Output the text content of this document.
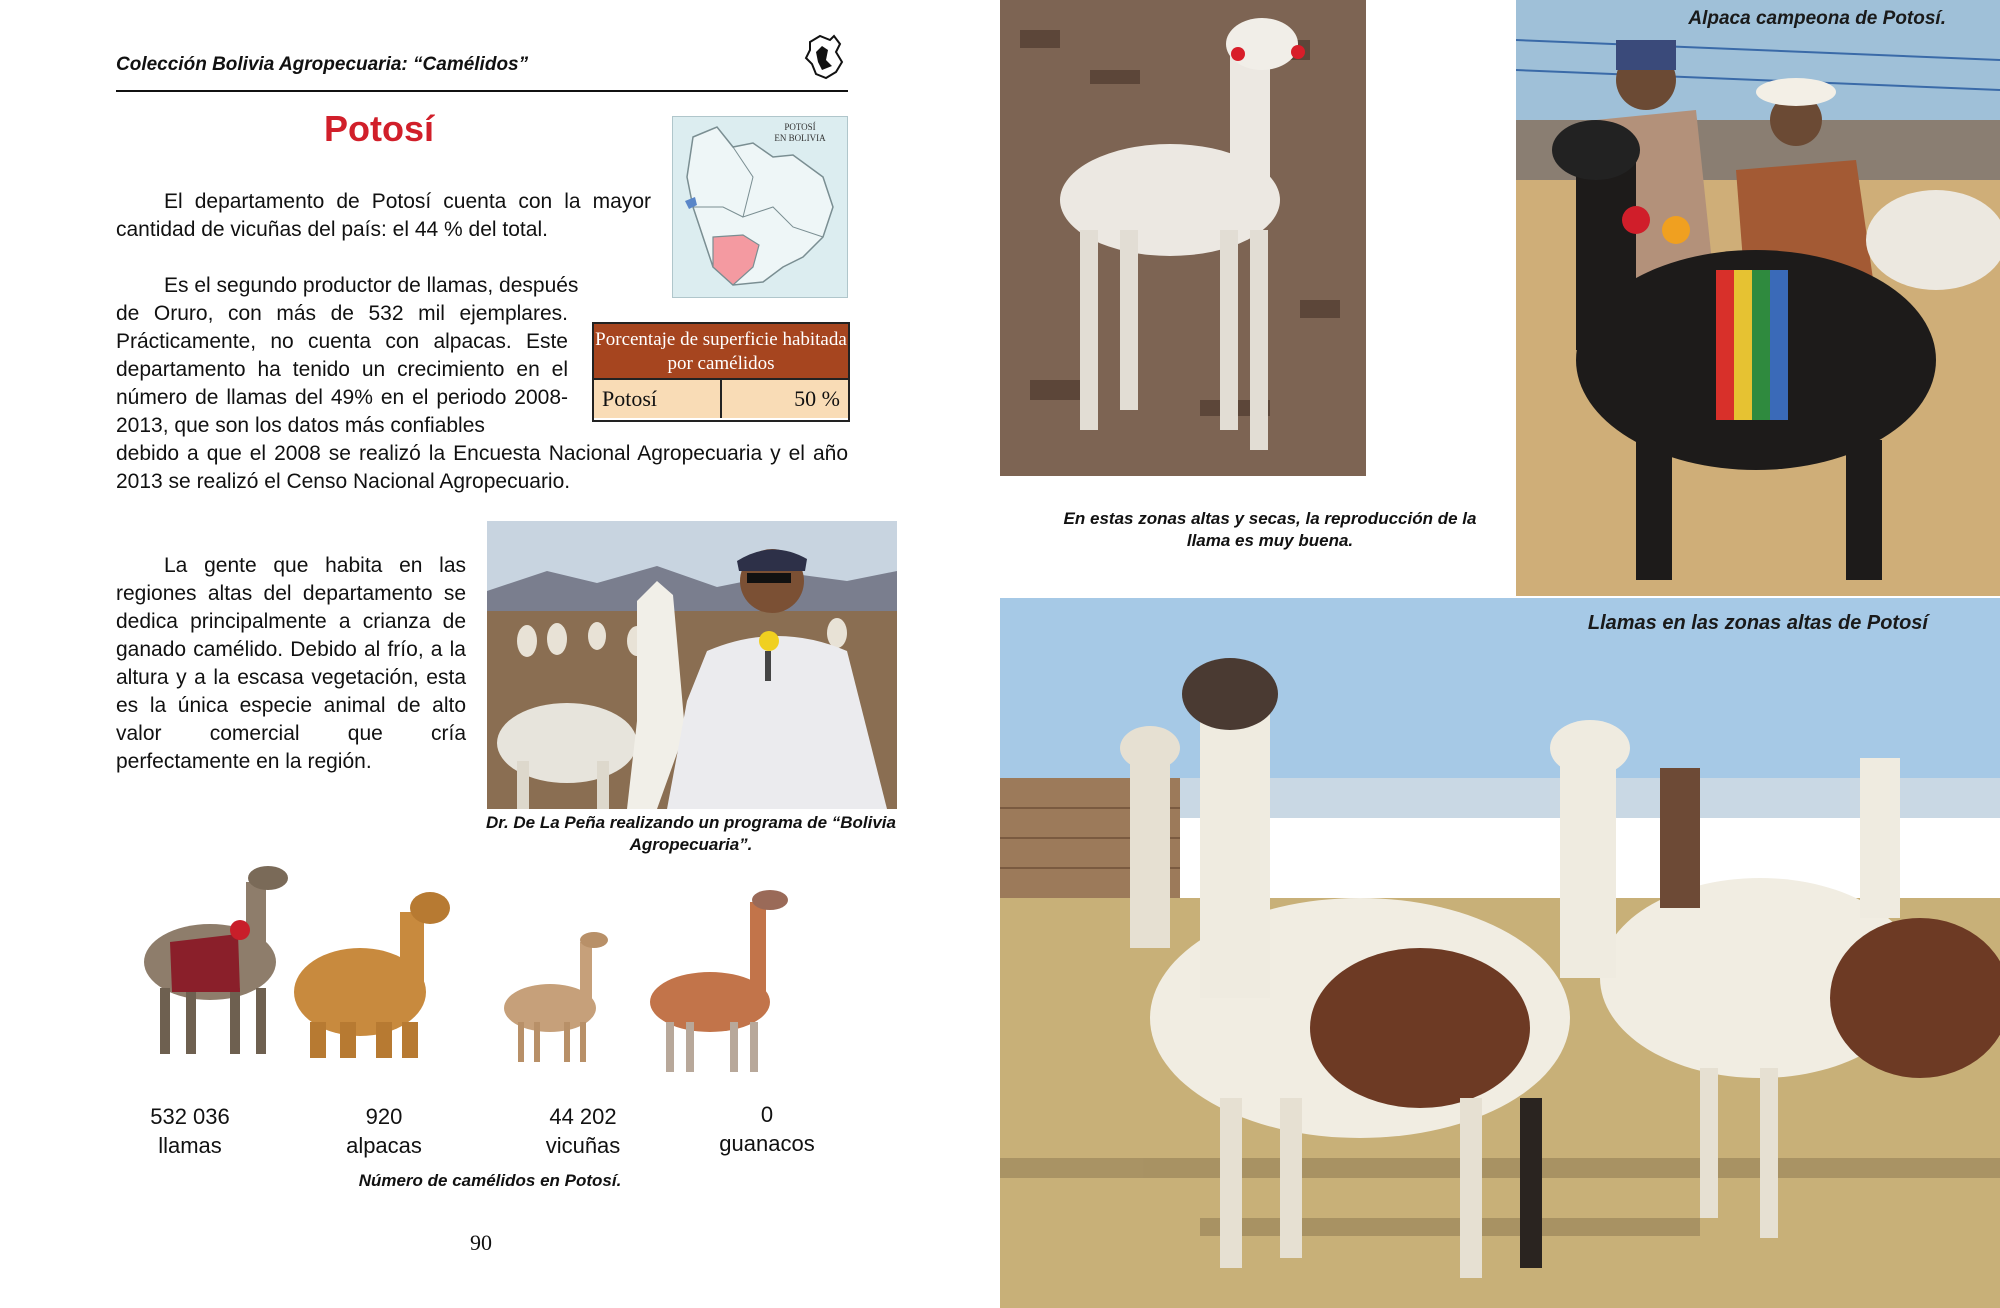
Colección Bolivia Agropecuaria: “Camélidos”
Potosí	POTOSÍ
EN BOLIVIA
El departamento de Potosí cuenta con la mayor cantidad de vicuñas del país: el 44 % del total.
Es el segundo productor de llamas, después
de Oruro, con más de 532 mil ejemplares. Prácticamente, no cuenta con alpacas. Este departamento ha tenido un crecimiento en el número de llamas del 49% en el periodo 2008-2013, que son los datos más confiables
debido a que el 2008 se realizó la Encuesta Nacional Agropecuaria y el año 2013 se realizó el Censo Nacional Agropecuario.
Porcentaje de superficie habitada por camélidos
Potosí	50 %
La gente que habita en las regiones altas del departamento se dedica principalmente a crianza de ganado camélido. Debido al frío, a la altura y a la escasa vegetación, esta es la única especie animal de alto valor comercial que cría perfectamente en la región.
Dr. De La Peña realizando un programa de “Bolivia Agropecuaria”.
532 036
llamas
920
alpacas
44 202
vicuñas
0
guanacos
Número de camélidos en Potosí.
90
En estas zonas altas y secas, la reproducción de la llama es muy buena.
Alpaca campeona de Potosí.
Llamas en las zonas altas de Potosí
